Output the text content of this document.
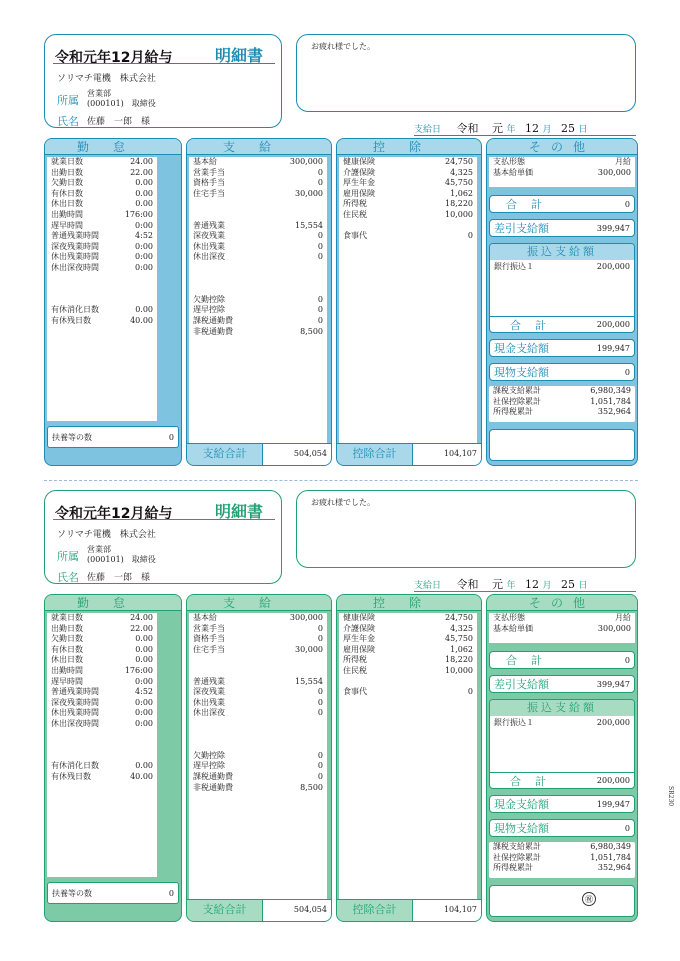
令和元年12月給与	明細書
ソリマチ電機　株式会社
所属
営業部
(000101)　取締役
氏名 佐藤　一郎　様
お疲れ様でした。
支給日 令和 元 年 12 月 25 日
勤怠
就業日数	24.00
出勤日数	22.00
欠勤日数	0.00
有休日数	0.00
休出日数	0.00
出勤時間	176:00
遅早時間	0:00
普通残業時間	4:52
深夜残業時間	0:00
休出残業時間	0:00
休出深夜時間	0:00
有休消化日数	0.00
有休残日数	40.00
扶養等の数	0
支給
基本給	300,000
営業手当	0
資格手当	0
住宅手当	30,000
普通残業	15,554
深夜残業	0
休出残業	0
休出深夜	0
欠勤控除	0
遅早控除	0
課税通勤費	0
非税通勤費	8,500
支給合計	504,054
控除
健康保険	24,750
介護保険	4,325
厚生年金	45,750
雇用保険	1,062
所得税	18,220
住民税	10,000
食事代	0
控除合計	104,107
その他
支払形態	月給
基本給単価	300,000
合計	0
差引支給額	399,947
振込支給額
銀行振込１	200,000
合計	200,000
現金支給額	199,947
現物支給額	0
課税支給累計	6,980,349
社保控除累計	1,051,784
所得税累計	352,964
令和元年12月給与	明細書
ソリマチ電機　株式会社
所属
営業部
(000101)　取締役
氏名 佐藤　一郎　様
お疲れ様でした。
支給日 令和 元 年 12 月 25 日
勤怠
就業日数	24.00
出勤日数	22.00
欠勤日数	0.00
有休日数	0.00
休出日数	0.00
出勤時間	176:00
遅早時間	0:00
普通残業時間	4:52
深夜残業時間	0:00
休出残業時間	0:00
休出深夜時間	0:00
有休消化日数	0.00
有休残日数	40.00
扶養等の数	0
支給
基本給	300,000
営業手当	0
資格手当	0
住宅手当	30,000
普通残業	15,554
深夜残業	0
休出残業	0
休出深夜	0
欠勤控除	0
遅早控除	0
課税通勤費	0
非税通勤費	8,500
支給合計	504,054
控除
健康保険	24,750
介護保険	4,325
厚生年金	45,750
雇用保険	1,062
所得税	18,220
住民税	10,000
食事代	0
控除合計	104,107
その他
支払形態	月給
基本給単価	300,000
合計	0
差引支給額	399,947
振込支給額
銀行振込１	200,000
合計	200,000
現金支給額	199,947
現物支給額	0
課税支給累計	6,980,349
社保控除累計	1,051,784
所得税累計	352,964
㊗
SR230
